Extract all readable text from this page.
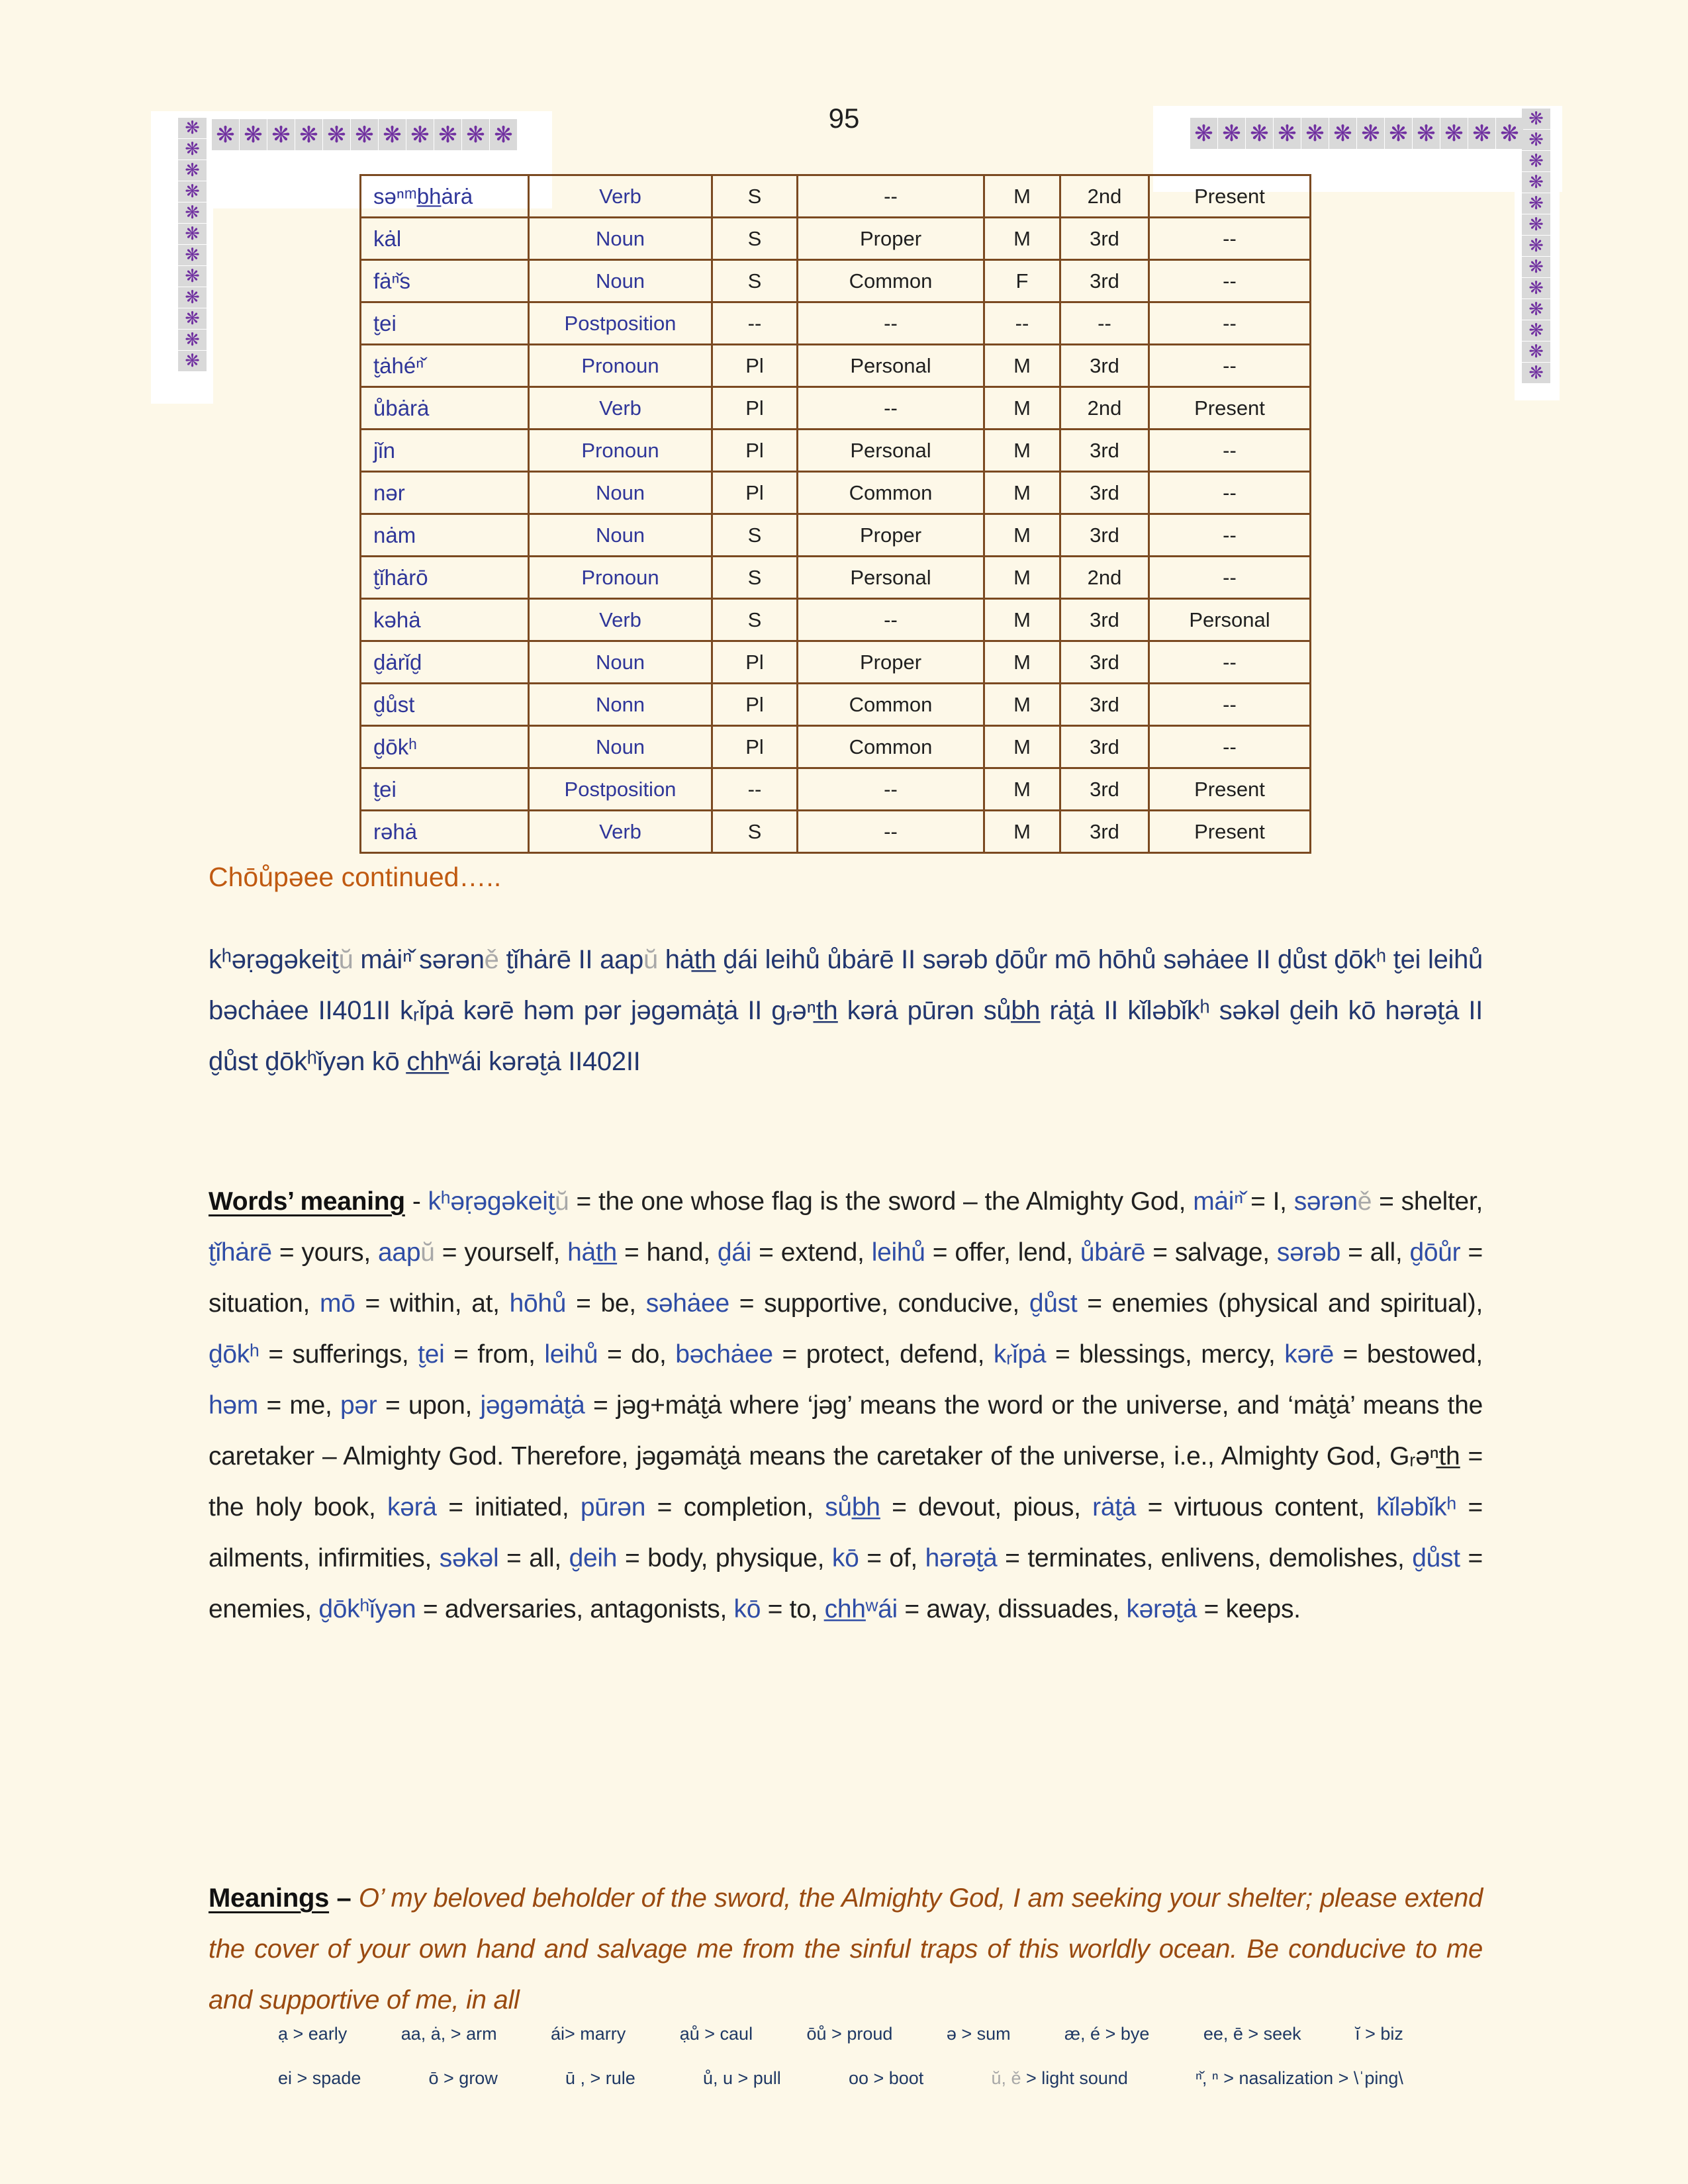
95
❋ ❋ ❋ ❋ ❋ ❋ ❋ ❋ ❋ ❋ ❋	❋ ❋ ❋ ❋ ❋ ❋ ❋ ❋ ❋ ❋ ❋ ❋
❋
❋
❋
❋
❋
❋
❋
❋
❋
❋
❋
❋
❋
❋
❋
❋
❋
❋
❋
❋
❋
❋
❋
❋
❋
səⁿᵐb̲h̲ȧrȧ	Verb	S	--	M	2nd	Present
kȧl	Noun	S	Proper	M	3rd	--
fȧⁿ̌s	Noun	S	Common	F	3rd	--
t̮ei	Postposition	--	--	--	--	--
t̮ȧhéⁿ̌	Pronoun	Pl	Personal	M	3rd	--
ůbȧrȧ	Verb	Pl	--	M	2nd	Present
jǐn	Pronoun	Pl	Personal	M	3rd	--
nər	Noun	Pl	Common	M	3rd	--
nȧm	Noun	S	Proper	M	3rd	--
t̮ǐhȧrō	Pronoun	S	Personal	M	2nd	--
kəhȧ	Verb	S	--	M	3rd	Personal
d̮ȧrǐd̮	Noun	Pl	Proper	M	3rd	--
d̮ůst	Nonn	Pl	Common	M	3rd	--
d̮ōkʰ	Noun	Pl	Common	M	3rd	--
t̮ei	Postposition	--	--	M	3rd	Present
rəhȧ	Verb	S	--	M	3rd	Present
Chōůpəee continued…..

kʰəṛəgəkeit̮ŭ mȧiⁿ̌ sərəně t̮ǐhȧrē II aapŭ hȧt̲h̲ d̮ái leihů ůbȧrē II sərəb d̮ōůr mō hōhů səhȧee II d̮ůst d̮ōkʰ t̮ei leihů bəchȧee II401II kᵣǐpȧ kərē həm pər jəgəmȧt̮ȧ II gᵣəⁿt̲h̲ kərȧ pūrən sůb̲h̲ rȧt̮ȧ II kǐləbǐkʰ səkəl d̮eih kō hərət̮ȧ II d̮ůst d̮ōkʰǐyən kō c̲h̲h̲ʷái kərət̮ȧ II402II

Words’ meaning - kʰəṛəgəkeit̮ŭ = the one whose flag is the sword – the Almighty God, mȧiⁿ̌ = I, sərəně = shelter, t̮ǐhȧrē = yours, aapŭ = yourself, hȧt̲h̲ = hand, d̮ái = extend, leihů = offer, lend, ůbȧrē = salvage, sərəb = all, d̮ōůr = situation, mō = within, at, hōhů = be, səhȧee = supportive, conducive, d̮ůst = enemies (physical and spiritual), d̮ōkʰ = sufferings, t̮ei = from, leihů = do, bəchȧee = protect, defend, kᵣǐpȧ = blessings, mercy, kərē = bestowed, həm = me, pər = upon, jəgəmȧt̮ȧ = jəg+mȧt̮ȧ where ‘jəg’ means the word or the universe, and ‘mȧt̮ȧ’ means the caretaker – Almighty God. Therefore, jəgəmȧt̮ȧ means the caretaker of the universe, i.e., Almighty God, Gᵣəⁿt̲h̲ = the holy book, kərȧ = initiated, pūrən = completion, sůb̲h̲ = devout, pious, rȧt̮ȧ = virtuous content, kǐləbǐkʰ = ailments, infirmities, səkəl = all, d̮eih = body, physique, kō = of, hərət̮ȧ = terminates, enlivens, demolishes, d̮ůst = enemies, d̮ōkʰǐyən = adversaries, antagonists, kō = to, c̲h̲h̲ʷái = away, dissuades, kərət̮ȧ = keeps.

Meanings – O’ my beloved beholder of the sword, the Almighty God, I am seeking your shelter; please extend the cover of your own hand and salvage me from the sinful traps of this worldly ocean. Be conducive to me and supportive of me, in all

ạ > early	aa, ȧ, > arm	ái> marry	ạů > caul	ōů > proud	ə > sum	æ, é > bye	ee, ē > seek	ĭ > biz
ei > spade	ō > grow	ū , > rule	ů, u > pull	oo > boot	ŭ, ě > light sound	ⁿ̌, ⁿ > nasalization > \ˈping\
